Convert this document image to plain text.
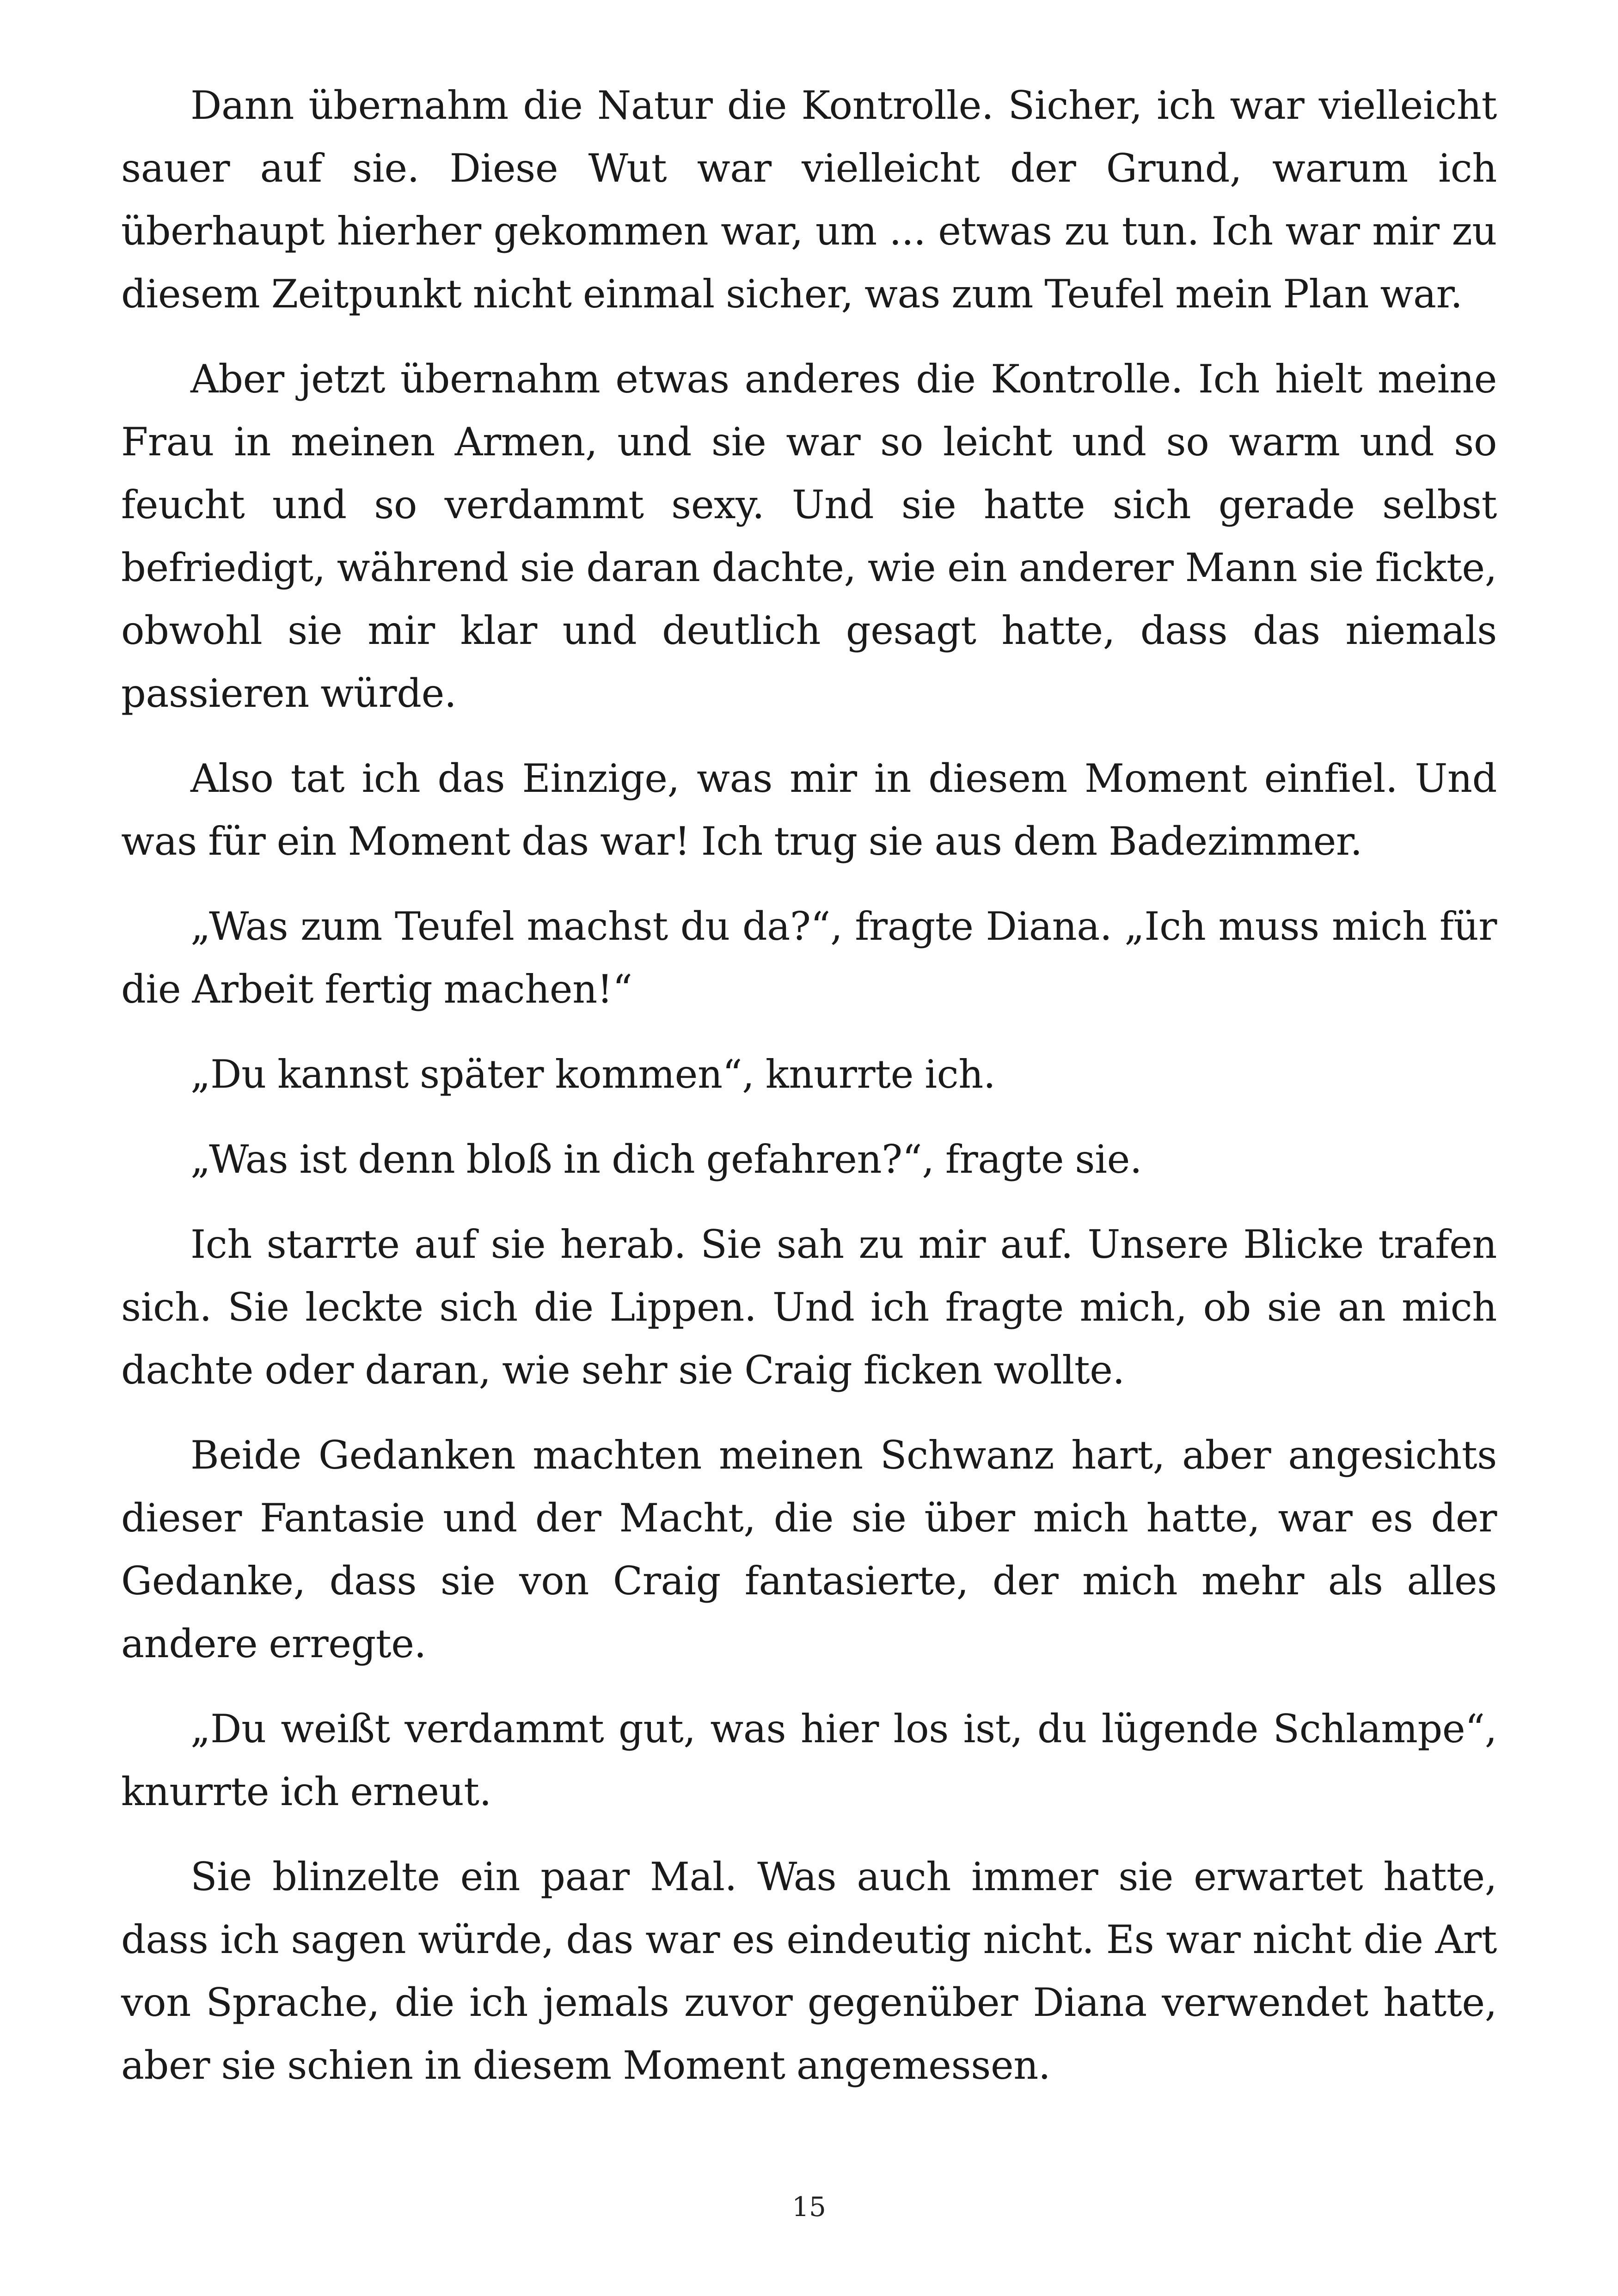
Dann übernahm die Natur die Kontrolle. Sicher, ich war vielleicht sauer auf sie. Diese Wut war vielleicht der Grund, warum ich überhaupt hierher gekommen war, um ... etwas zu tun. Ich war mir zu diesem Zeitpunkt nicht einmal sicher, was zum Teufel mein Plan war.

Aber jetzt übernahm etwas anderes die Kontrolle. Ich hielt meine Frau in meinen Armen, und sie war so leicht und so warm und so feucht und so verdammt sexy. Und sie hatte sich gerade selbst befriedigt, während sie daran dachte, wie ein anderer Mann sie fickte, obwohl sie mir klar und deutlich gesagt hatte, dass das niemals passieren würde.

Also tat ich das Einzige, was mir in diesem Moment einfiel. Und was für ein Moment das war! Ich trug sie aus dem Badezimmer.

„Was zum Teufel machst du da?“, fragte Diana. „Ich muss mich für die Arbeit fertig machen!“

„Du kannst später kommen“, knurrte ich.

„Was ist denn bloß in dich gefahren?“, fragte sie.

Ich starrte auf sie herab. Sie sah zu mir auf. Unsere Blicke trafen sich. Sie leckte sich die Lippen. Und ich fragte mich, ob sie an mich dachte oder daran, wie sehr sie Craig ficken wollte.

Beide Gedanken machten meinen Schwanz hart, aber angesichts dieser Fantasie und der Macht, die sie über mich hatte, war es der Gedanke, dass sie von Craig fantasierte, der mich mehr als alles andere erregte.

„Du weißt verdammt gut, was hier los ist, du lügende Schlampe“, knurrte ich erneut.

Sie blinzelte ein paar Mal. Was auch immer sie erwartet hatte, dass ich sagen würde, das war es eindeutig nicht. Es war nicht die Art von Sprache, die ich jemals zuvor gegenüber Diana verwendet hatte, aber sie schien in diesem Moment angemessen.

15
